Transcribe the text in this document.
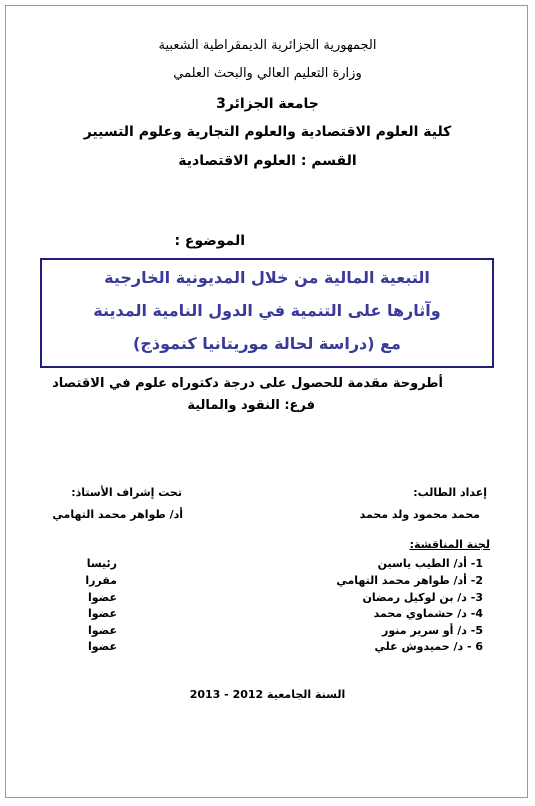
الجمهورية الجزائرية الديمقراطية الشعبية
وزارة التعليم العالي والبحث العلمي
جامعة الجزائر3
كلية العلوم الاقتصادية والعلوم التجارية وعلوم التسيير
القسم : العلوم الاقتصادية
الموضوع :
التبعية المالية من خلال المديونية الخارجية
وآثارها على التنمية في الدول النامية المدينة
مع (دراسة لحالة موريتانيا كنموذج)
أطروحة مقدمة للحصول على درجة دكتوراه علوم في الاقتصاد
فرع: النقود والمالية
إعداد الطالب:
تحت إشراف الأستاذ:
محمد محمود ولد محمد
أد/ طواهر محمد التهامي
لجنة المناقشة:
1- أد/ الطيب ياسين
رئيسا
2- أد/ طواهر محمد التهامي
مقررا
3- د/ بن لوكيل رمضان
عضوا
4- د/ حشماوي محمد
عضوا
5- د/ أو سرير منور
عضوا
6 - د/ حميدوش علي
عضوا
السنة الجامعية 2012 - 2013
